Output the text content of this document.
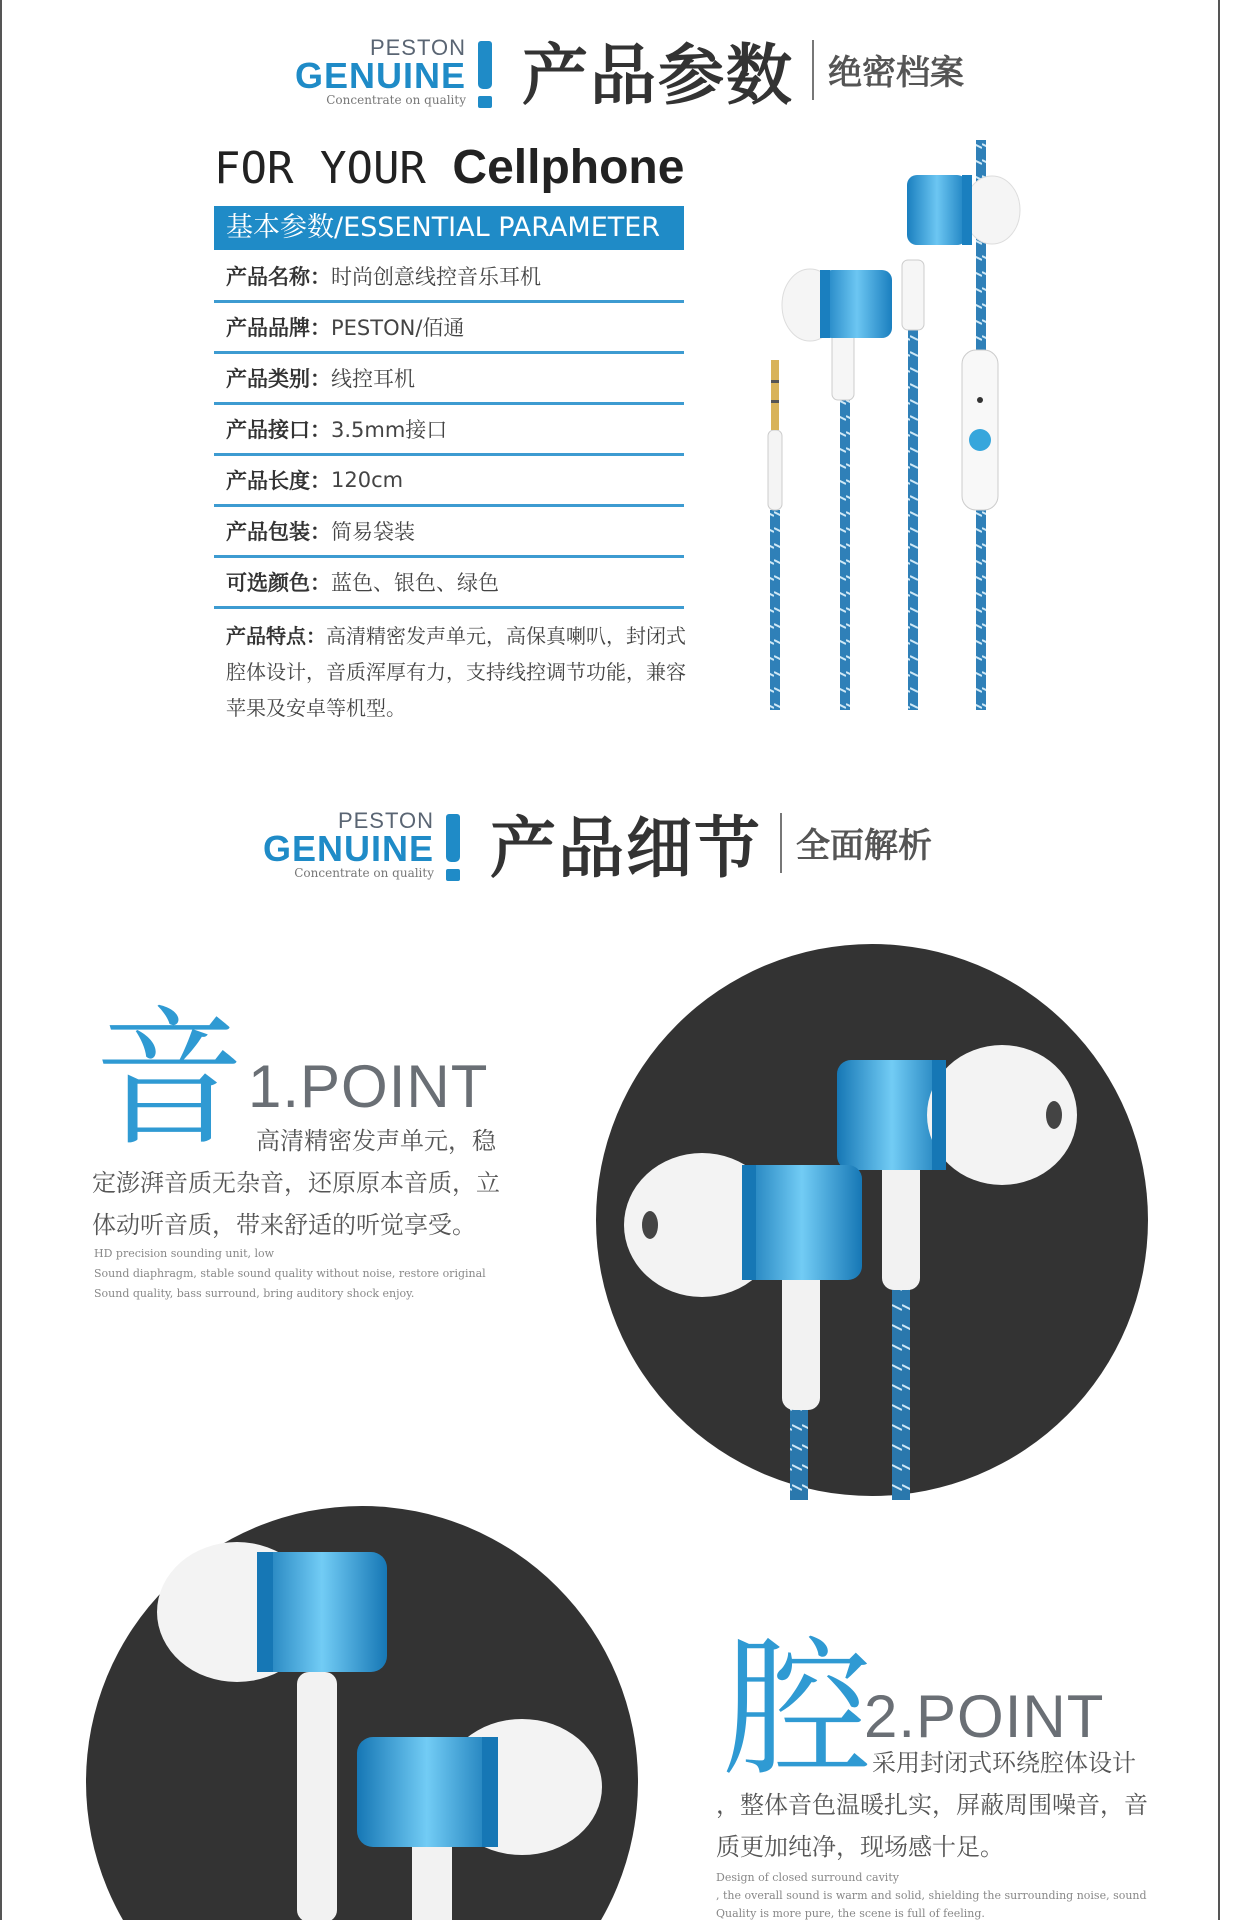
PESTON
GENUINE
Concentrate on quality 产品参数 绝密档案
FOR YOUR Cellphone
基本参数/ESSENTIAL PARAMETER
产品名称： 时尚创意线控音乐耳机
产品品牌： PESTON/佰通
产品类别： 线控耳机
产品接口： 3.5mm接口
产品长度： 120cm
产品包装： 简易袋装
可选颜色： 蓝色、银色、绿色
产品特点：高清精密发声单元，高保真喇叭，封闭式腔体设计，音质浑厚有力，支持线控调节功能，兼容苹果及安卓等机型。
PESTON
GENUINE
Concentrate on quality 产品细节 全面解析
音 1.POINT
高清精密发声单元，稳
定澎湃音质无杂音，还原原本音质，立
体动听音质，带来舒适的听觉享受。
HD precision sounding unit, low
Sound diaphragm, stable sound quality without noise, restore original
Sound quality, bass surround, bring auditory shock enjoy.
腔
2.POINT
采用封闭式环绕腔体设计
，整体音色温暖扎实，屏蔽周围噪音，音
质更加纯净，现场感十足。
Design of closed surround cavity
, the overall sound is warm and solid, shielding the surrounding noise, sound
Quality is more pure, the scene is full of feeling.
